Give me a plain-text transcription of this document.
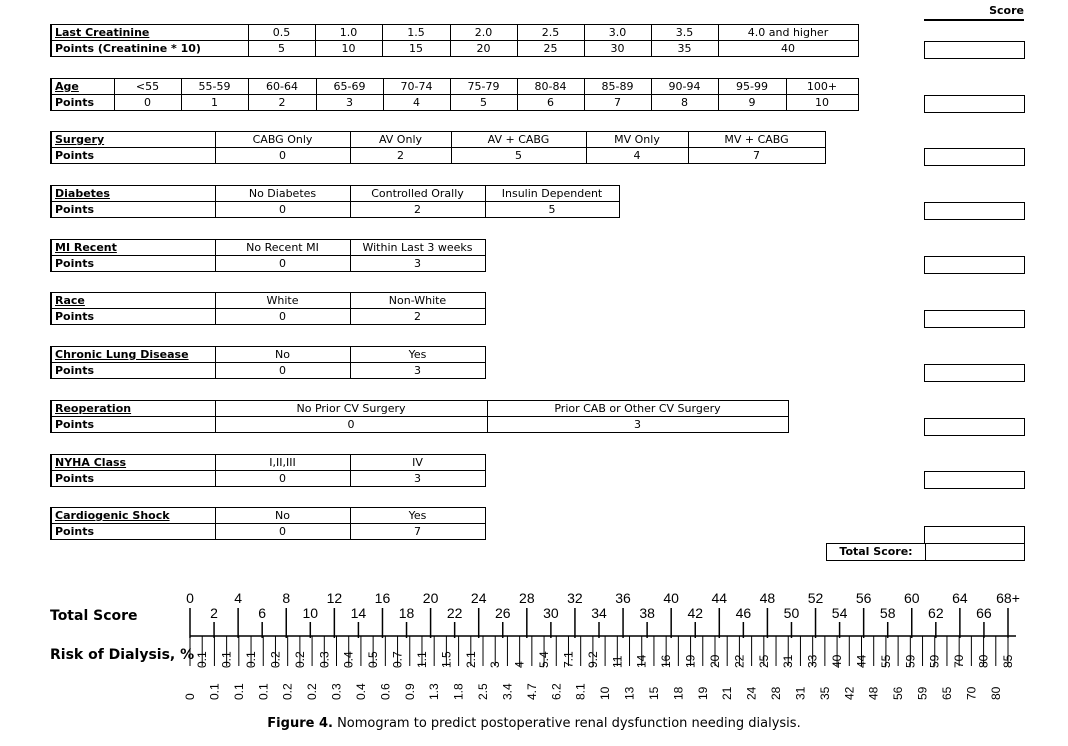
Score
Last Creatinine	0.5	1.0	1.5	2.0	2.5	3.0	3.5	4.0 and higher
Points (Creatinine * 10)	5	10	15	20	25	30	35	40
Age	<55	55-59	60-64	65-69	70-74	75-79	80-84	85-89	90-94	95-99	100+
Points	0	1	2	3	4	5	6	7	8	9	10
Surgery	CABG Only	AV Only	AV + CABG	MV Only	MV + CABG
Points	0	2	5	4	7
Diabetes	No Diabetes	Controlled Orally	Insulin Dependent
Points	0	2	5
MI Recent	No Recent MI	Within Last 3 weeks
Points	0	3
Race	White	Non-White
Points	0	2
Chronic Lung Disease	No	Yes
Points	0	3
Reoperation	No Prior CV Surgery	Prior CAB or Other CV Surgery
Points	0	3
NYHA Class	I,II,III	IV
Points	0	3
Cardiogenic Shock	No	Yes
Points	0	7
Total Score:
Total Score
Risk of Dialysis, %
0
2
4
6
8
10
12
14
16
18
20
22
24
26
28
30
32
34
36
38
40
42
44
46
48
50
52
54
56
58
60
62
64
66
68+
0
0.1
0.1
0.1
0.1
0.1
0.1
0.2
0.2
0.2
0.2
0.3
0.3
0.4
0.4
0.5
0.6
0.7
0.9
1.1
1.3
1.5
1.8
2.1
2.5
3
3.4
4
4.7
5.4
6.2
7.1
8.1
9.2
10
11
13
14
15
16
18
19
19
20
21
22
24
25
28
31
31
33
35
40
42
44
48
55
56
59
59
59
65
70
70
80
80
85
Figure 4. Nomogram to predict postoperative renal dysfunction needing dialysis.
